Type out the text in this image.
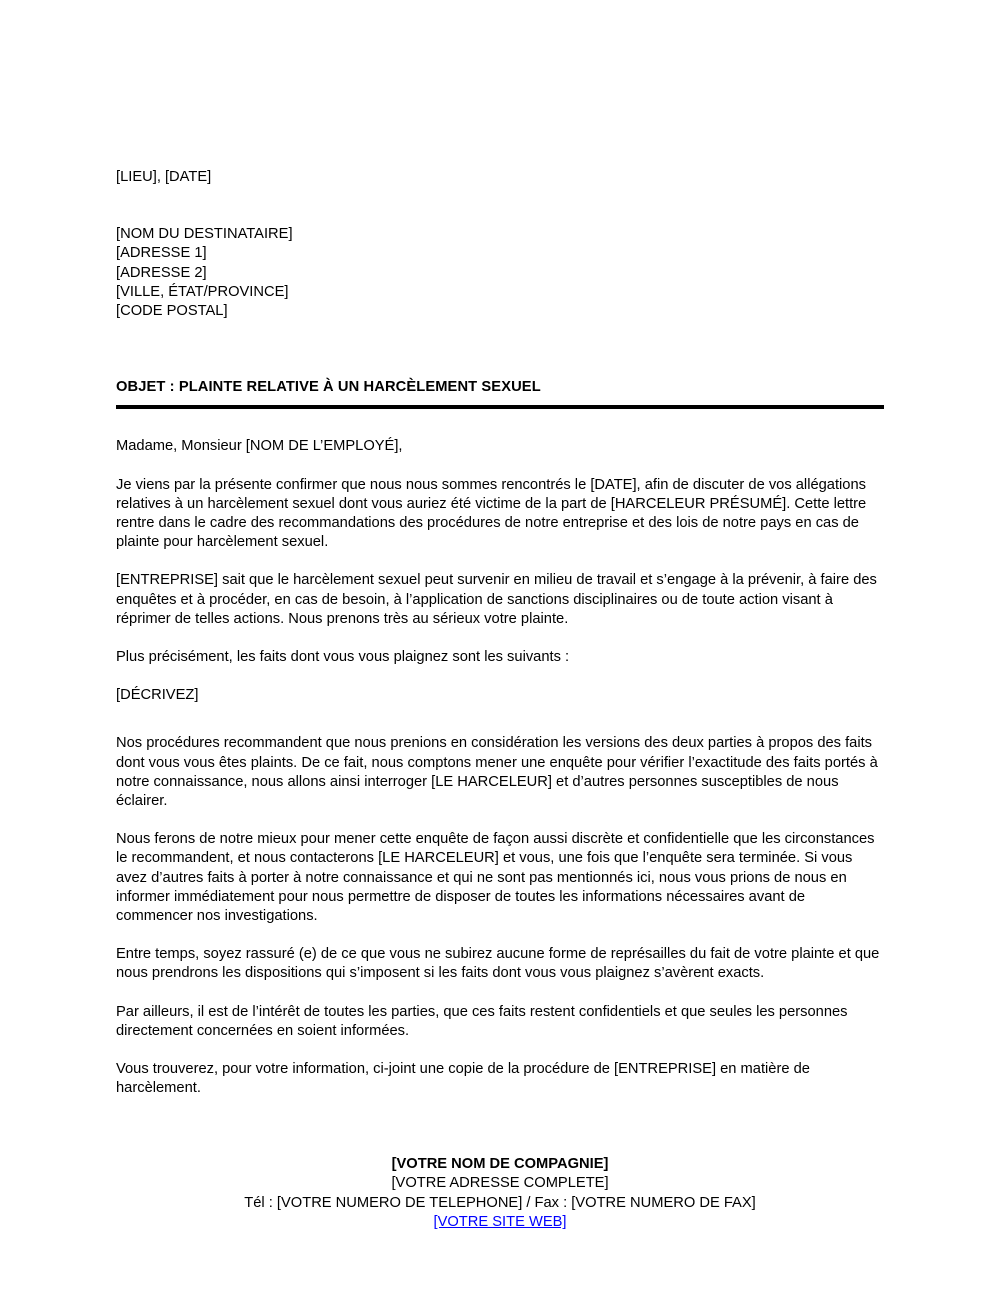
[LIEU], [DATE]
[NOM DU DESTINATAIRE]
[ADRESSE 1]
[ADRESSE 2]
[VILLE, ÉTAT/PROVINCE]
[CODE POSTAL]
OBJET : PLAINTE RELATIVE À UN HARCÈLEMENT SEXUEL

Madame, Monsieur [NOM DE L’EMPLOYÉ],

Je viens par la présente confirmer que nous nous sommes rencontrés le [DATE], afin de discuter de vos allégations relatives à un harcèlement sexuel dont vous auriez été victime de la part de [HARCELEUR PRÉSUMÉ]. Cette lettre rentre dans le cadre des recommandations des procédures de notre entreprise et des lois de notre pays en cas de plainte pour harcèlement sexuel.

[ENTREPRISE] sait que le harcèlement sexuel peut survenir en milieu de travail et s’engage à la prévenir, à faire des enquêtes et à procéder, en cas de besoin, à l’application de sanctions disciplinaires ou de toute action visant à réprimer de telles actions. Nous prenons très au sérieux votre plainte.

Plus précisément, les faits dont vous vous plaignez sont les suivants :

[DÉCRIVEZ]

Nos procédures recommandent que nous prenions en considération les versions des deux parties à propos des faits dont vous vous êtes plaints. De ce fait, nous comptons mener une enquête pour vérifier l’exactitude des faits portés à notre connaissance, nous allons ainsi interroger [LE HARCELEUR] et d’autres personnes susceptibles de nous éclairer.

Nous ferons de notre mieux pour mener cette enquête de façon aussi discrète et confidentielle que les circonstances le recommandent, et nous contacterons [LE HARCELEUR] et vous, une fois que l’enquête sera terminée. Si vous avez d’autres faits à porter à notre connaissance et qui ne sont pas mentionnés ici, nous vous prions de nous en informer immédiatement pour nous permettre de disposer de toutes les informations nécessaires avant de commencer nos investigations.

Entre temps, soyez rassuré (e) de ce que vous ne subirez aucune forme de représailles du fait de votre plainte et que nous prendrons les dispositions qui s’imposent si les faits dont vous vous plaignez s’avèrent exacts.

Par ailleurs, il est de l’intérêt de toutes les parties, que ces faits restent confidentiels et que seules les personnes directement concernées en soient informées.

Vous trouverez, pour votre information, ci-joint une copie de la procédure de [ENTREPRISE] en matière de harcèlement.

[VOTRE NOM DE COMPAGNIE]
[VOTRE ADRESSE COMPLETE]
Tél : [VOTRE NUMERO DE TELEPHONE] / Fax : [VOTRE NUMERO DE FAX]
[VOTRE SITE WEB]
